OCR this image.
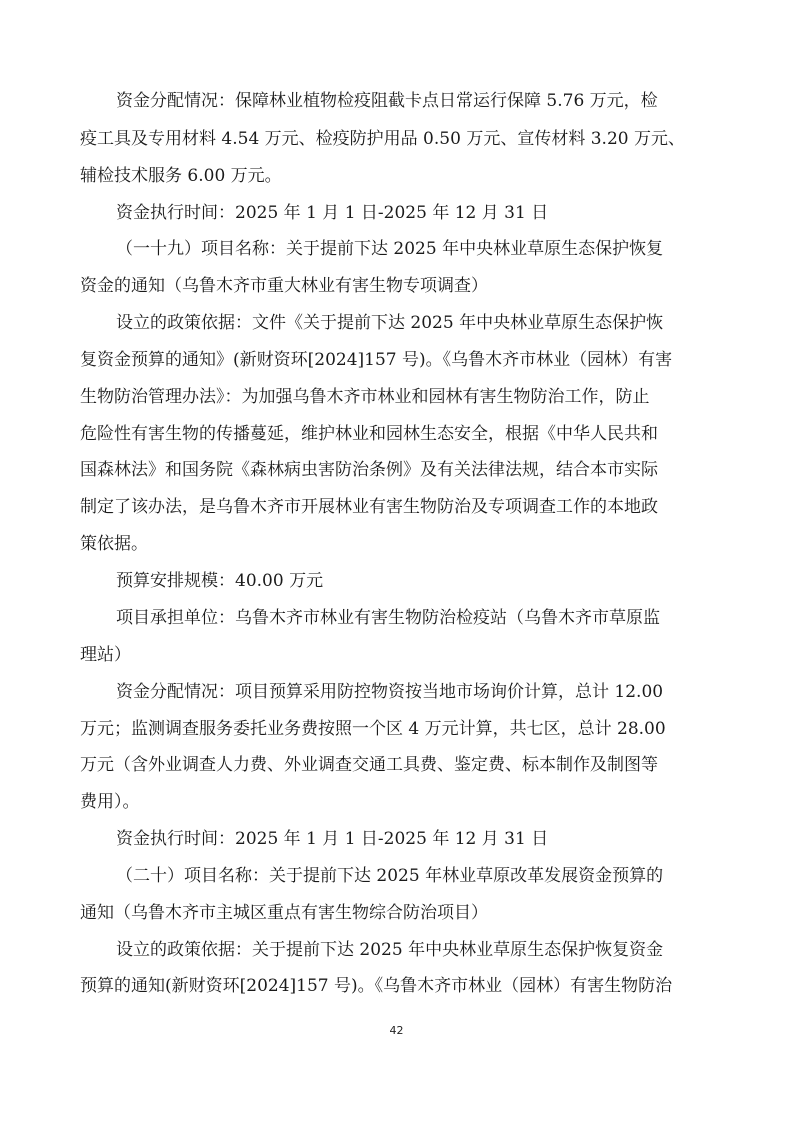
资金分配情况：保障林业植物检疫阻截卡点日常运行保障 5.76 万元，检
疫工具及专用材料 4.54 万元、检疫防护用品 0.50 万元、宣传材料 3.20 万元、
辅检技术服务 6.00 万元。
资金执行时间：2025 年 1 月 1 日-2025 年 12 月 31 日
（一十九）项目名称：关于提前下达 2025 年中央林业草原生态保护恢复
资金的通知（乌鲁木齐市重大林业有害生物专项调查）
设立的政策依据：文件《关于提前下达 2025 年中央林业草原生态保护恢
复资金预算的通知》(新财资环[2024]157 号)。《乌鲁木齐市林业（园林）有害
生物防治管理办法》：为加强乌鲁木齐市林业和园林有害生物防治工作，防止
危险性有害生物的传播蔓延，维护林业和园林生态安全，根据《中华人民共和
国森林法》和国务院《森林病虫害防治条例》及有关法律法规，结合本市实际
制定了该办法，是乌鲁木齐市开展林业有害生物防治及专项调查工作的本地政
策依据。
预算安排规模：40.00 万元
项目承担单位：乌鲁木齐市林业有害生物防治检疫站（乌鲁木齐市草原监
理站）
资金分配情况：项目预算采用防控物资按当地市场询价计算，总计 12.00
万元；监测调查服务委托业务费按照一个区 4 万元计算，共七区，总计 28.00
万元（含外业调查人力费、外业调查交通工具费、鉴定费、标本制作及制图等
费用）。
资金执行时间：2025 年 1 月 1 日-2025 年 12 月 31 日
（二十）项目名称：关于提前下达 2025 年林业草原改革发展资金预算的
通知（乌鲁木齐市主城区重点有害生物综合防治项目）
设立的政策依据：关于提前下达 2025 年中央林业草原生态保护恢复资金
预算的通知(新财资环[2024]157 号)。《乌鲁木齐市林业（园林）有害生物防治
42
